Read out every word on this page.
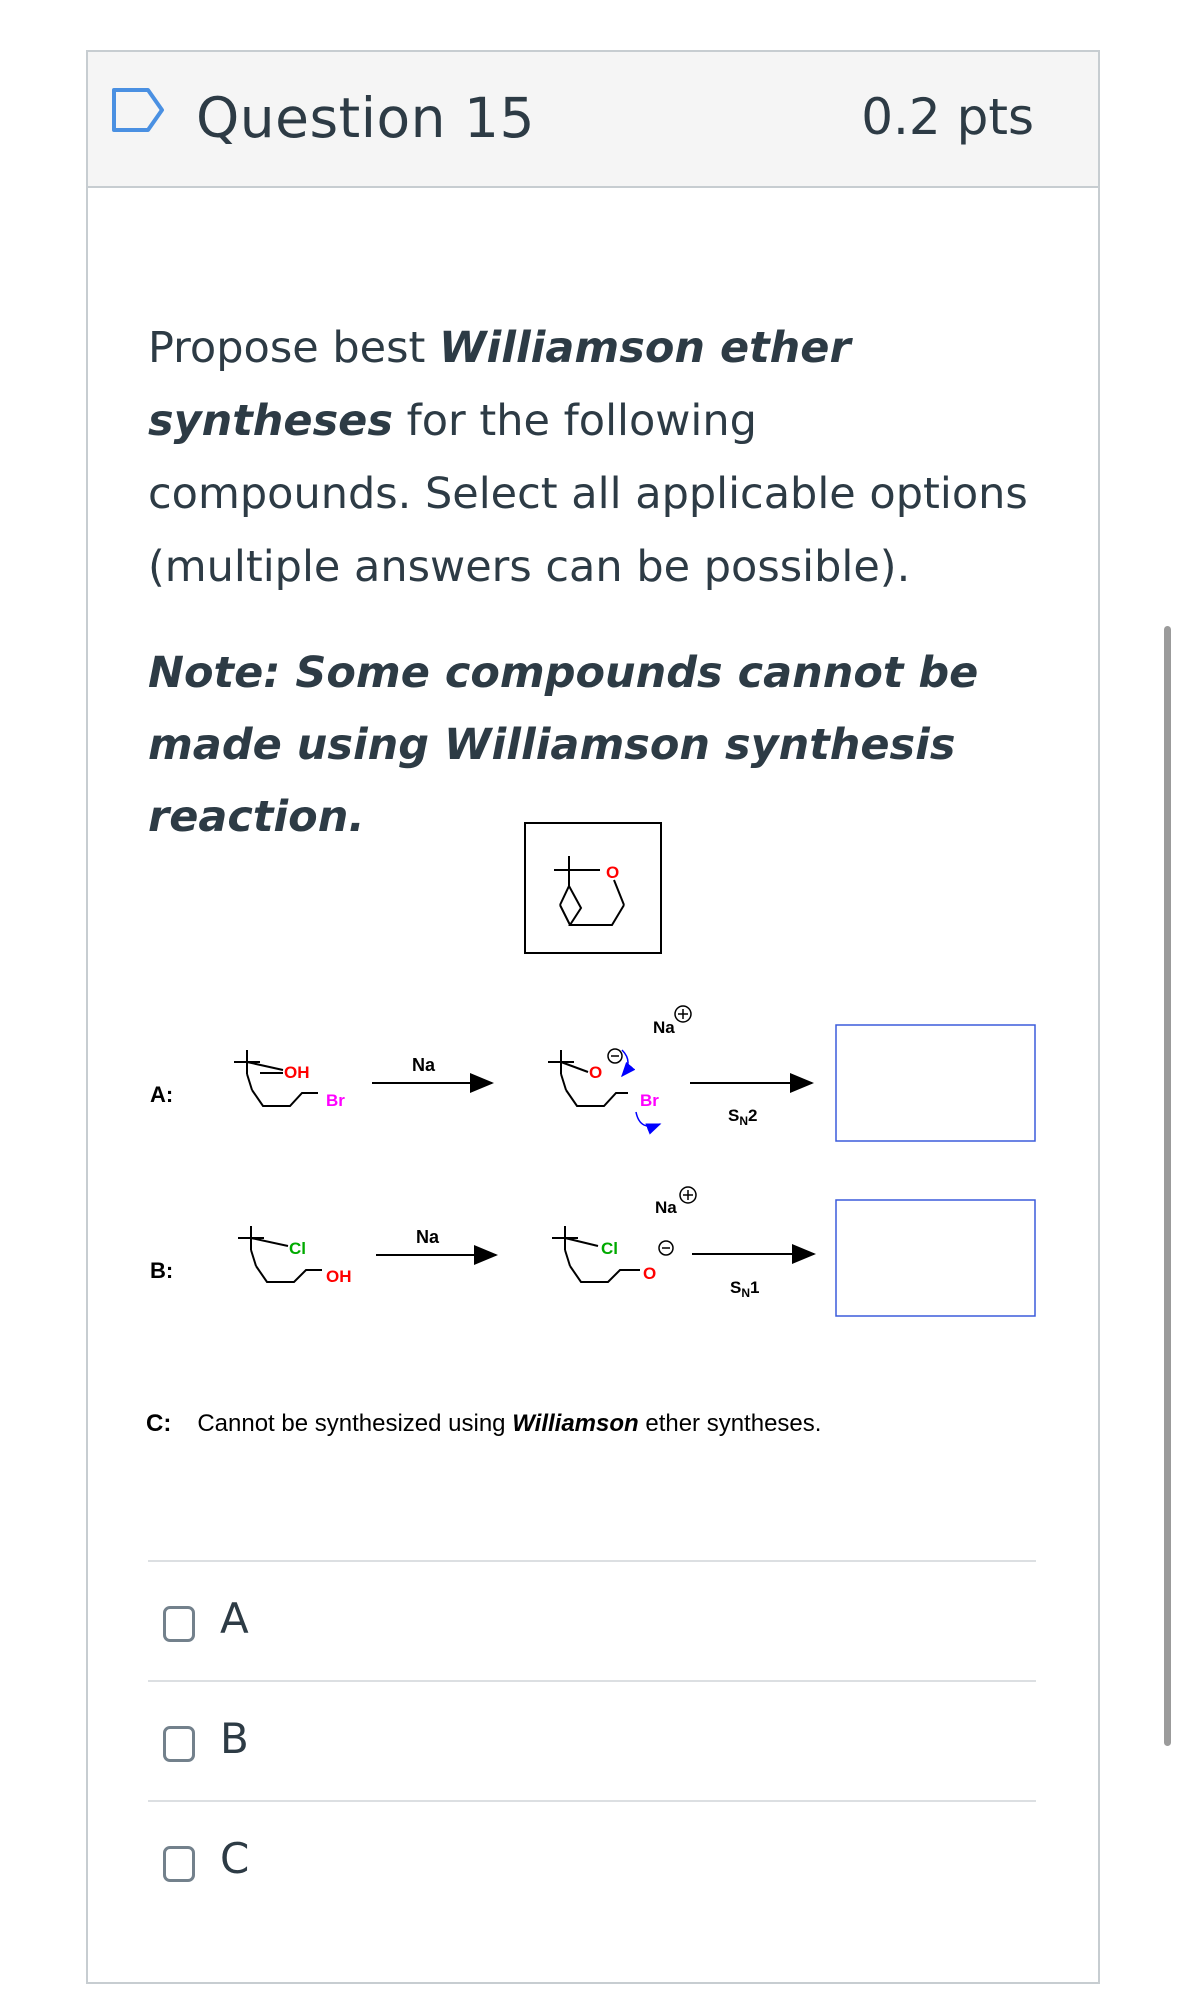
Question 15	0.2 pts
Propose best Williamson ether syntheses for the following compounds. Select all applicable options (multiple answers can be possible).
Note: Some compounds cannot be made using Williamson synthesis reaction.
O
A:
OH
Br
Na	O
Br
Na
$S_N2$
B:
Cl
OH
Na
Cl
O
Na
$S_N1$
C: Cannot be synthesized using Williamson ether syntheses.
A
B
C
